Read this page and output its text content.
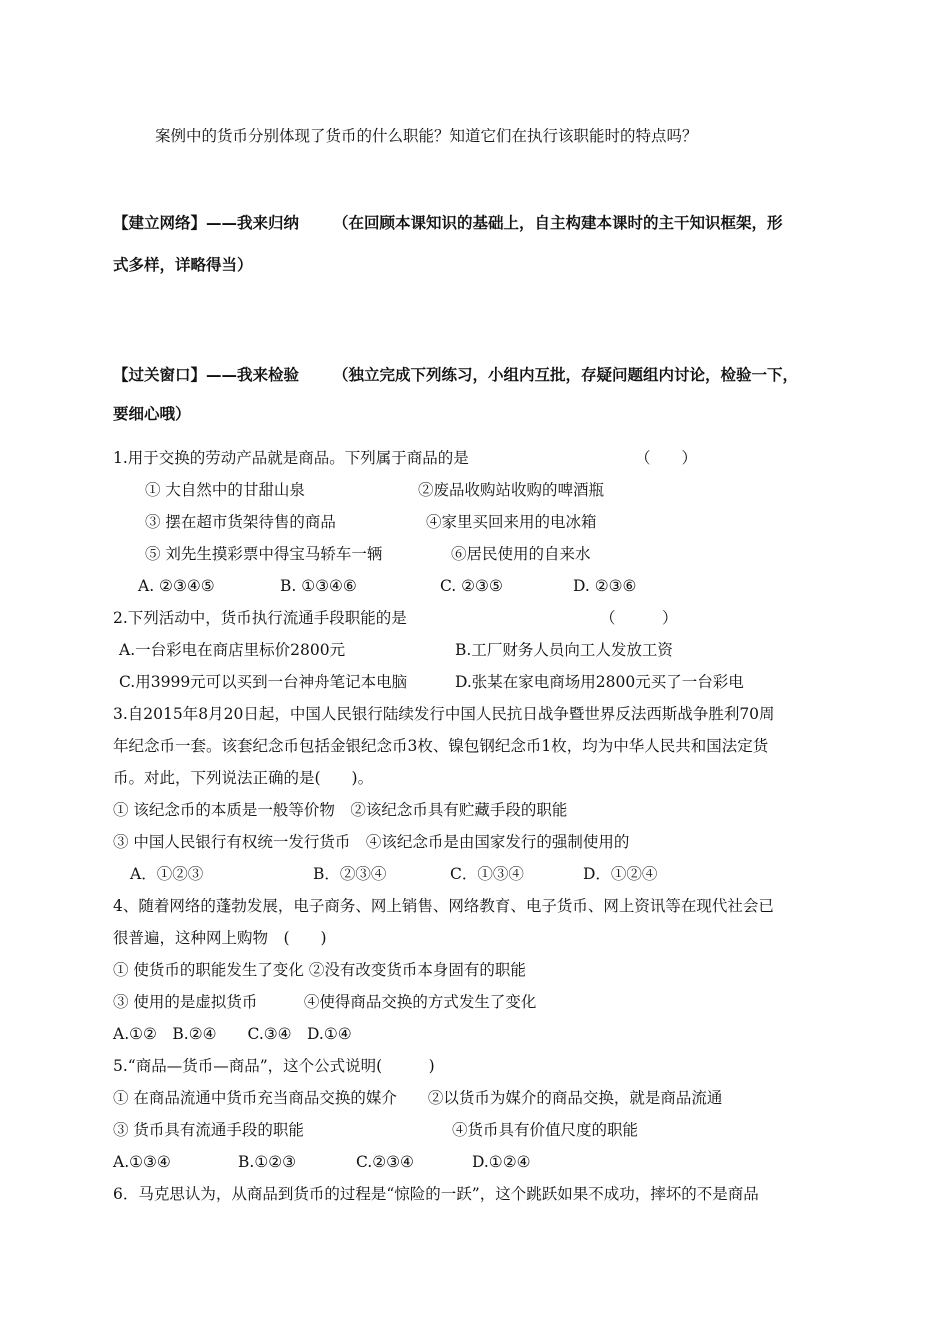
案例中的货币分别体现了货币的什么职能？知道它们在执行该职能时的特点吗？
【建立网络】——我来归纳 （在回顾本课知识的基础上，自主构建本课时的主干知识框架，形
式多样，详略得当）
【过关窗口】——我来检验 （独立完成下列练习，小组内互批，存疑问题组内讨论，检验一下，
要细心哦）
1.用于交换的劳动产品就是商品。下列属于商品的是	（　　）
① 大自然中的甘甜山泉	②废品收购站收购的啤酒瓶
③ 摆在超市货架待售的商品	④家里买回来用的电冰箱
⑤ 刘先生摸彩票中得宝马轿车一辆	⑥居民使用的自来水
A. ②③④⑤	B. ①③④⑥	C. ②③⑤	D. ②③⑥
2.下列活动中，货币执行流通手段职能的是	（　　　）
A.一台彩电在商店里标价2800元	B.工厂财务人员向工人发放工资
C.用3999元可以买到一台神舟笔记本电脑	D.张某在家电商场用2800元买了一台彩电
3.自2015年8月20日起，中国人民银行陆续发行中国人民抗日战争暨世界反法西斯战争胜利70周
年纪念币一套。该套纪念币包括金银纪念币3枚、镍包钢纪念币1枚，均为中华人民共和国法定货
币。对此，下列说法正确的是(　　)。
① 该纪念币的本质是一般等价物　②该纪念币具有贮藏手段的职能
③ 中国人民银行有权统一发行货币　④该纪念币是由国家发行的强制使用的
A．①②③	B．②③④	C．①③④	D．①②④
4、随着网络的蓬勃发展，电子商务、网上销售、网络教育、电子货币、网上资讯等在现代社会已
很普遍，这种网上购物　(　　)
① 使货币的职能发生了变化 ②没有改变货币本身固有的职能
③ 使用的是虚拟货币　　　④使得商品交换的方式发生了变化
A.①②　B.②④　　C.③④　D.①④
5.“商品—货币—商品”，这个公式说明(　　　)
① 在商品流通中货币充当商品交换的媒介　　②以货币为媒介的商品交换，就是商品流通
③ 货币具有流通手段的职能	④货币具有价值尺度的职能
A.①③④	B.①②③	C.②③④	D.①②④
6．马克思认为，从商品到货币的过程是“惊险的一跃”，这个跳跃如果不成功，摔坏的不是商品
